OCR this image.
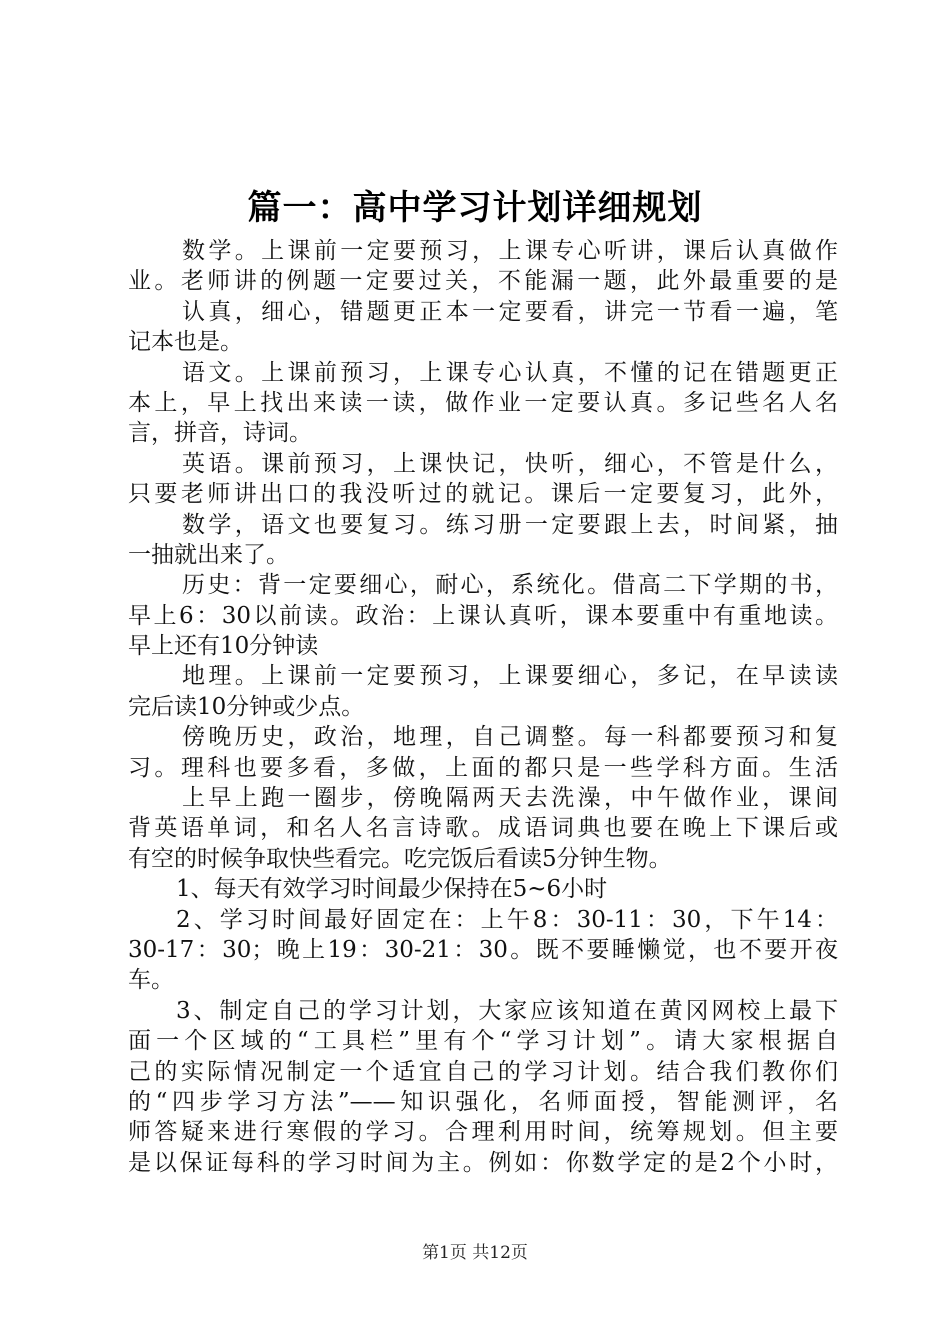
篇一：高中学习计划详细规划
数学。上课前一定要预习，上课专心听讲，课后认真做作
业。老师讲的例题一定要过关，不能漏一题，此外最重要的是
认真，细心，错题更正本一定要看，讲完一节看一遍，笔
记本也是。
语文。上课前预习，上课专心认真，不懂的记在错题更正
本上，早上找出来读一读，做作业一定要认真。多记些名人名
言，拼音，诗词。
英语。课前预习，上课快记，快听，细心，不管是什么，
只要老师讲出口的我没听过的就记。课后一定要复习，此外，
数学，语文也要复习。练习册一定要跟上去，时间紧，抽
一抽就出来了。
历史：背一定要细心，耐心，系统化。借高二下学期的书，
早上6：30以前读。政治：上课认真听，课本要重中有重地读。
早上还有10分钟读
地理。上课前一定要预习，上课要细心，多记，在早读读
完后读10分钟或少点。
傍晚历史，政治，地理，自己调整。每一科都要预习和复
习。理科也要多看，多做，上面的都只是一些学科方面。生活
上早上跑一圈步，傍晚隔两天去洗澡，中午做作业，课间
背英语单词，和名人名言诗歌。成语词典也要在晚上下课后或
有空的时候争取快些看完。吃完饭后看读5分钟生物。
1、每天有效学习时间最少保持在5~6小时
2、学习时间最好固定在：上午8：30-11：30，下午14：
30-17：30；晚上19：30-21：30。既不要睡懒觉，也不要开夜
车。
3、制定自己的学习计划，大家应该知道在黄冈网校上最下
面一个区域的“工具栏”里有个“学习计划”。请大家根据自
己的实际情况制定一个适宜自己的学习计划。结合我们教你们
的“四步学习方法”——知识强化，名师面授，智能测评，名
师答疑来进行寒假的学习。合理利用时间，统筹规划。但主要
是以保证每科的学习时间为主。例如：你数学定的是2个小时，
第1页 共12页
